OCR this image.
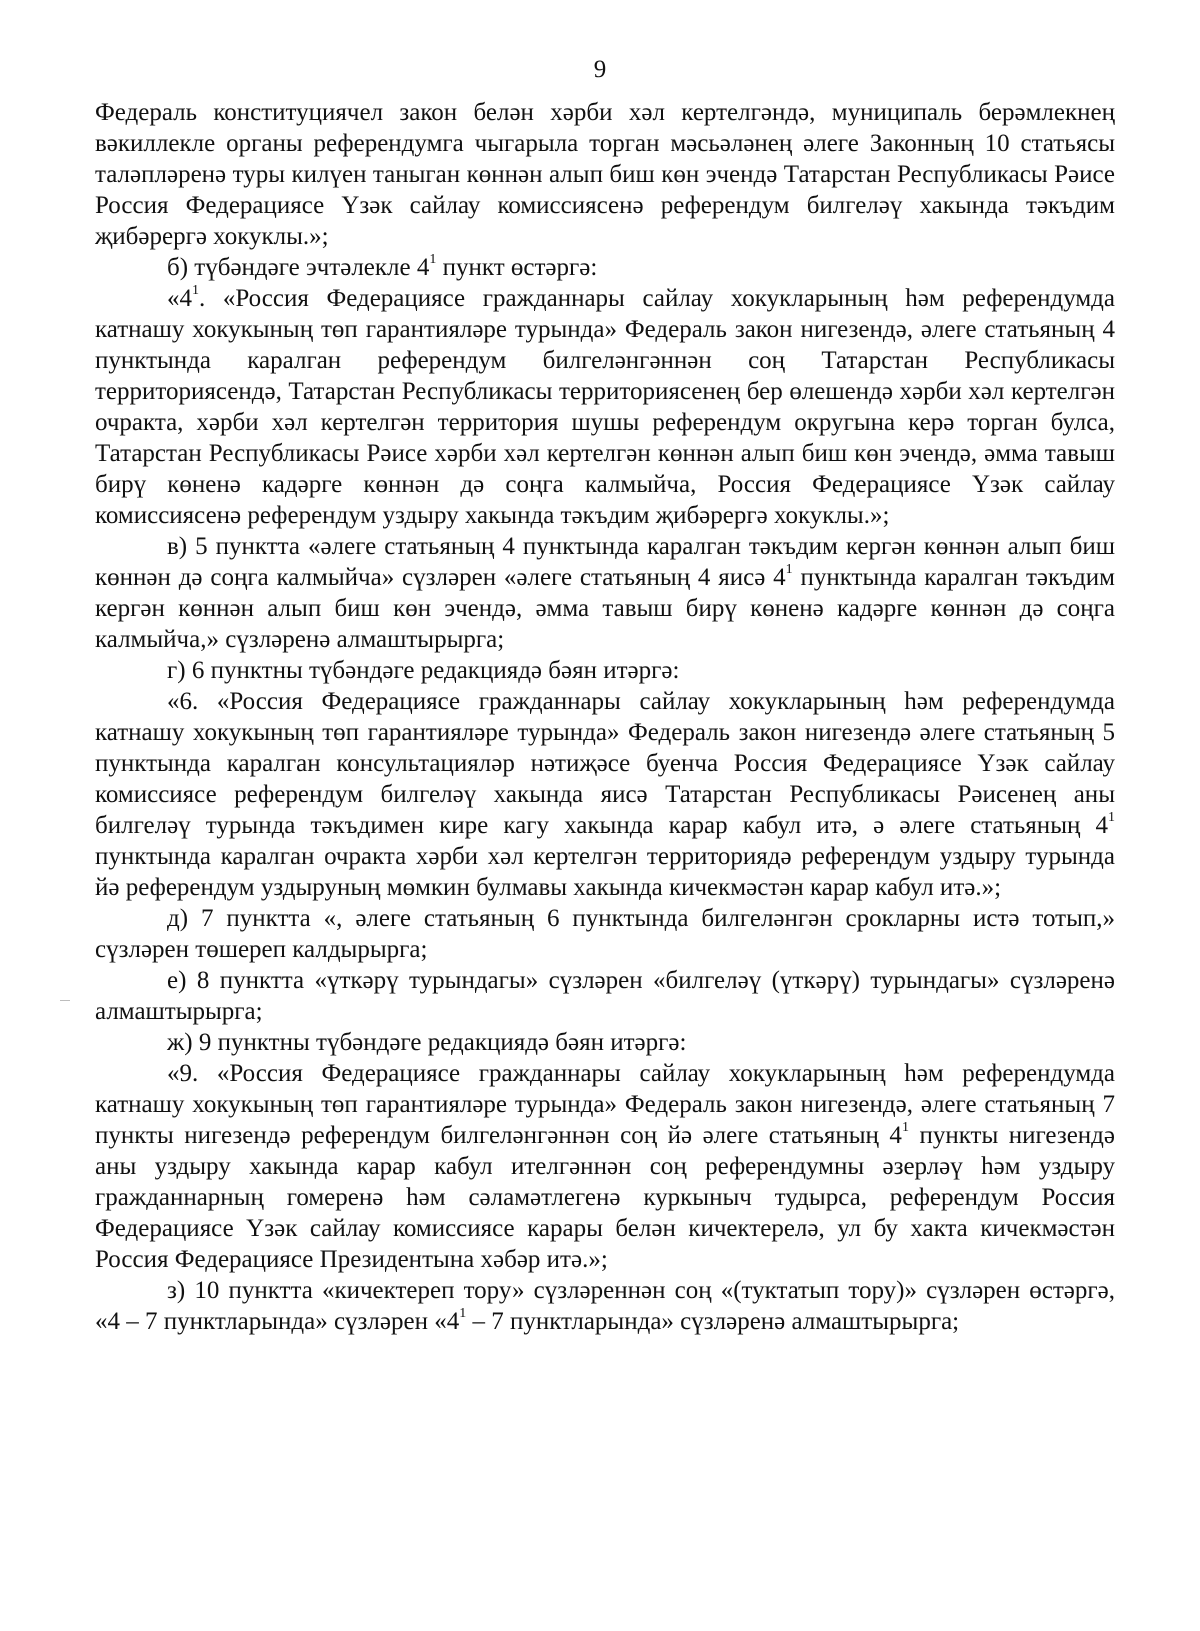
9

Федераль конституциячел закон белән хәрби хәл кертелгәндә, муниципаль берәмлекнең вәкиллекле органы референдумга чыгарыла торган мәсьәләнең әлеге Законның 10 статьясы таләпләренә туры килүен таныган көннән алып биш көн эчендә Татарстан Республикасы Рәисе Россия Федерациясе Үзәк сайлау комиссиясенә референдум билгеләү хакында тәкъдим җибәрергә хокуклы.»;

б) түбәндәге эчтәлекле $4^1$ пункт өстәргә:

«$4^1$. «Россия Федерациясе гражданнары сайлау хокукларының һәм референдумда катнашу хокукының төп гарантияләре турында» Федераль закон нигезендә, әлеге статьяның 4 пунктында каралган референдум билгеләнгәннән соң Татарстан Республикасы территориясендә, Татарстан Республикасы территориясенең бер өлешендә хәрби хәл кертелгән очракта, хәрби хәл кертелгән территория шушы референдум округына керә торган булса, Татарстан Республикасы Рәисе хәрби хәл кертелгән көннән алып биш көн эчендә, әмма тавыш бирү көненә кадәрге көннән дә соңга калмыйча, Россия Федерациясе Үзәк сайлау комиссиясенә референдум уздыру хакында тәкъдим җибәрергә хокуклы.»;

в) 5 пунктта «әлеге статьяның 4 пунктында каралган тәкъдим кергән көннән алып биш көннән дә соңга калмыйча» сүзләрен «әлеге статьяның 4 яисә $4^1$ пунктында каралган тәкъдим кергән көннән алып биш көн эчендә, әмма тавыш бирү көненә кадәрге көннән дә соңга калмыйча,» сүзләренә алмаштырырга;

г) 6 пунктны түбәндәге редакциядә бәян итәргә:

«6. «Россия Федерациясе гражданнары сайлау хокукларының һәм референдумда катнашу хокукының төп гарантияләре турында» Федераль закон нигезендә әлеге статьяның 5 пунктында каралган консультацияләр нәтиҗәсе буенча Россия Федерациясе Үзәк сайлау комиссиясе референдум билгеләү хакында яисә Татарстан Республикасы Рәисенең аны билгеләү турында тәкъдимен кире кагу хакында карар кабул итә, ә әлеге статьяның $4^1$ пунктында каралган очракта хәрби хәл кертелгән территориядә референдум уздыру турында йә референдум уздыруның мөмкин булмавы хакында кичекмәстән карар кабул итә.»;

д) 7 пунктта «, әлеге статьяның 6 пунктында билгеләнгән срокларны истә тотып,» сүзләрен төшереп калдырырга;

е) 8 пунктта «үткәрү турындагы» сүзләрен «билгеләү (үткәрү) турындагы» сүзләренә алмаштырырга;

ж) 9 пунктны түбәндәге редакциядә бәян итәргә:

«9. «Россия Федерациясе гражданнары сайлау хокукларының һәм референдумда катнашу хокукының төп гарантияләре турында» Федераль закон нигезендә, әлеге статьяның 7 пункты нигезендә референдум билгеләнгәннән соң йә әлеге статьяның $4^1$ пункты нигезендә аны уздыру хакында карар кабул ителгәннән соң референдумны әзерләү һәм уздыру гражданнарның гомеренә һәм сәламәтлегенә куркыныч тудырса, референдум Россия Федерациясе Үзәк сайлау комиссиясе карары белән кичектерелә, ул бу хакта кичекмәстән Россия Федерациясе Президентына хәбәр итә.»;

з) 10 пунктта «кичектереп тору» сүзләреннән соң «(туктатып тору)» сүзләрен өстәргә, «4 – 7 пунктларында» сүзләрен «$4^1 - 7$ пунктларында» сүзләренә алмаштырырга;
